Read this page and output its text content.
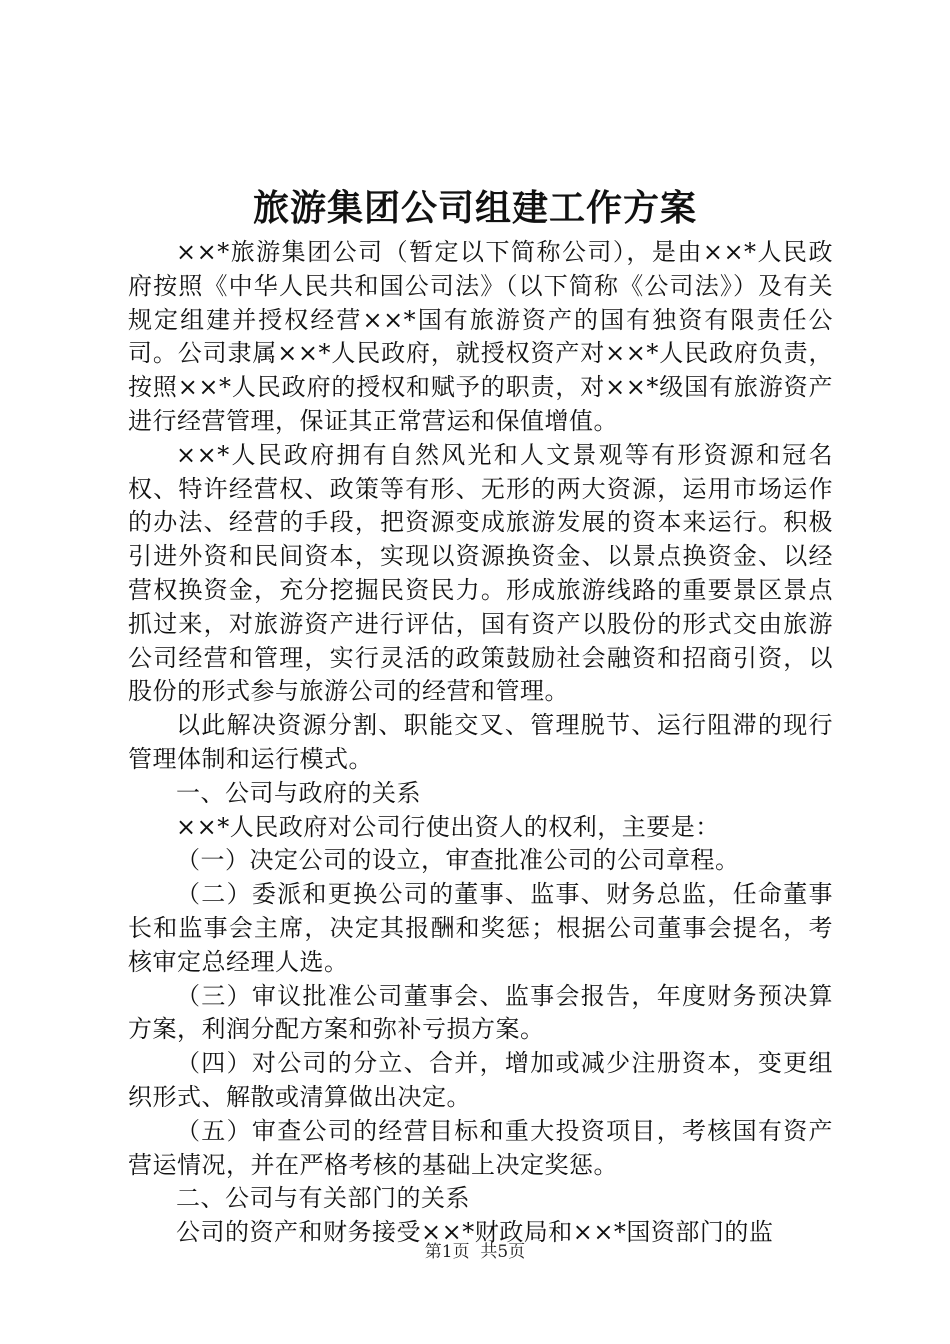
旅游集团公司组建工作方案

××*旅游集团公司（暂定以下简称公司），是由××*人民政府按照《中华人民共和国公司法》（以下简称《公司法》）及有关规定组建并授权经营××*国有旅游资产的国有独资有限责任公司。公司隶属××*人民政府，就授权资产对××*人民政府负责，按照××*人民政府的授权和赋予的职责，对××*级国有旅游资产进行经营管理，保证其正常营运和保值增值。

××*人民政府拥有自然风光和人文景观等有形资源和冠名权、特许经营权、政策等有形、无形的两大资源，运用市场运作的办法、经营的手段，把资源变成旅游发展的资本来运行。积极引进外资和民间资本，实现以资源换资金、以景点换资金、以经营权换资金，充分挖掘民资民力。形成旅游线路的重要景区景点抓过来，对旅游资产进行评估，国有资产以股份的形式交由旅游公司经营和管理，实行灵活的政策鼓励社会融资和招商引资，以股份的形式参与旅游公司的经营和管理。

以此解决资源分割、职能交叉、管理脱节、运行阻滞的现行管理体制和运行模式。

一、公司与政府的关系

××*人民政府对公司行使出资人的权利，主要是：

（一）决定公司的设立，审查批准公司的公司章程。

（二）委派和更换公司的董事、监事、财务总监，任命董事长和监事会主席，决定其报酬和奖惩；根据公司董事会提名，考核审定总经理人选。

（三）审议批准公司董事会、监事会报告，年度财务预决算方案，利润分配方案和弥补亏损方案。

（四）对公司的分立、合并，增加或减少注册资本，变更组织形式、解散或清算做出决定。

（五）审查公司的经营目标和重大投资项目，考核国有资产营运情况，并在严格考核的基础上决定奖惩。

二、公司与有关部门的关系

公司的资产和财务接受××*财政局和××*国资部门的监

第1页 共5页
